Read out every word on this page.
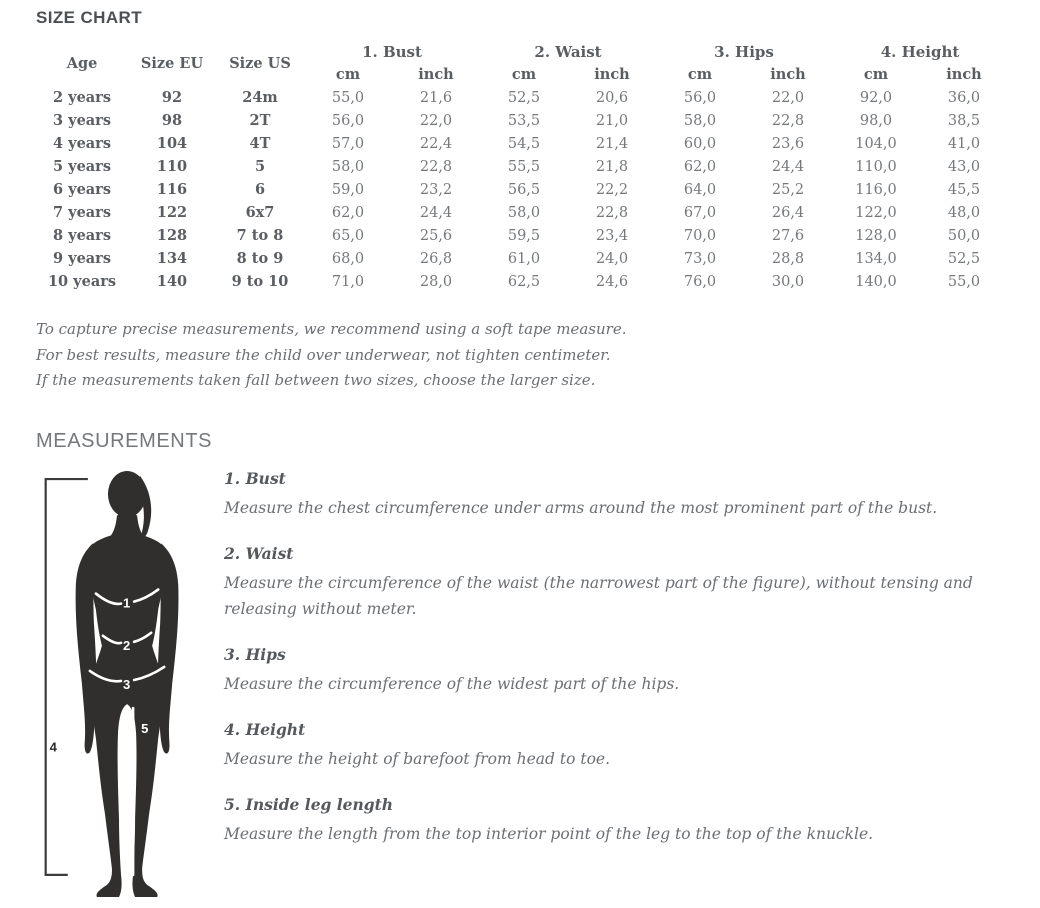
SIZE CHART
Age	Size EU	Size US	1. Bust		2. Waist		3. Hips		4. Height	
			cm	inch	cm	inch	cm	inch	cm	inch
2 years	92	24m	55,0	21,6	52,5	20,6	56,0	22,0	92,0	36,0
3 years	98	2T	56,0	22,0	53,5	21,0	58,0	22,8	98,0	38,5
4 years	104	4T	57,0	22,4	54,5	21,4	60,0	23,6	104,0	41,0
5 years	110	5	58,0	22,8	55,5	21,8	62,0	24,4	110,0	43,0
6 years	116	6	59,0	23,2	56,5	22,2	64,0	25,2	116,0	45,5
7 years	122	6x7	62,0	24,4	58,0	22,8	67,0	26,4	122,0	48,0
8 years	128	7 to 8	65,0	25,6	59,5	23,4	70,0	27,6	128,0	50,0
9 years	134	8 to 9	68,0	26,8	61,0	24,0	73,0	28,8	134,0	52,5
10 years	140	9 to 10	71,0	28,0	62,5	24,6	76,0	30,0	140,0	55,0

To capture precise measurements, we recommend using a soft tape measure.

For best results, measure the child over underwear, not tighten centimeter.

If the measurements taken fall between two sizes, choose the larger size.

MEASUREMENTS
4
1
2
3
5
1. Bust

Measure the chest circumference under arms around the most prominent part of the bust.

2. Waist

Measure the circumference of the waist (the narrowest part of the figure), without tensing and releasing without meter.

3. Hips

Measure the circumference of the widest part of the hips.

4. Height

Measure the height of barefoot from head to toe.

5. Inside leg length

Measure the length from the top interior point of the leg to the top of the knuckle.
